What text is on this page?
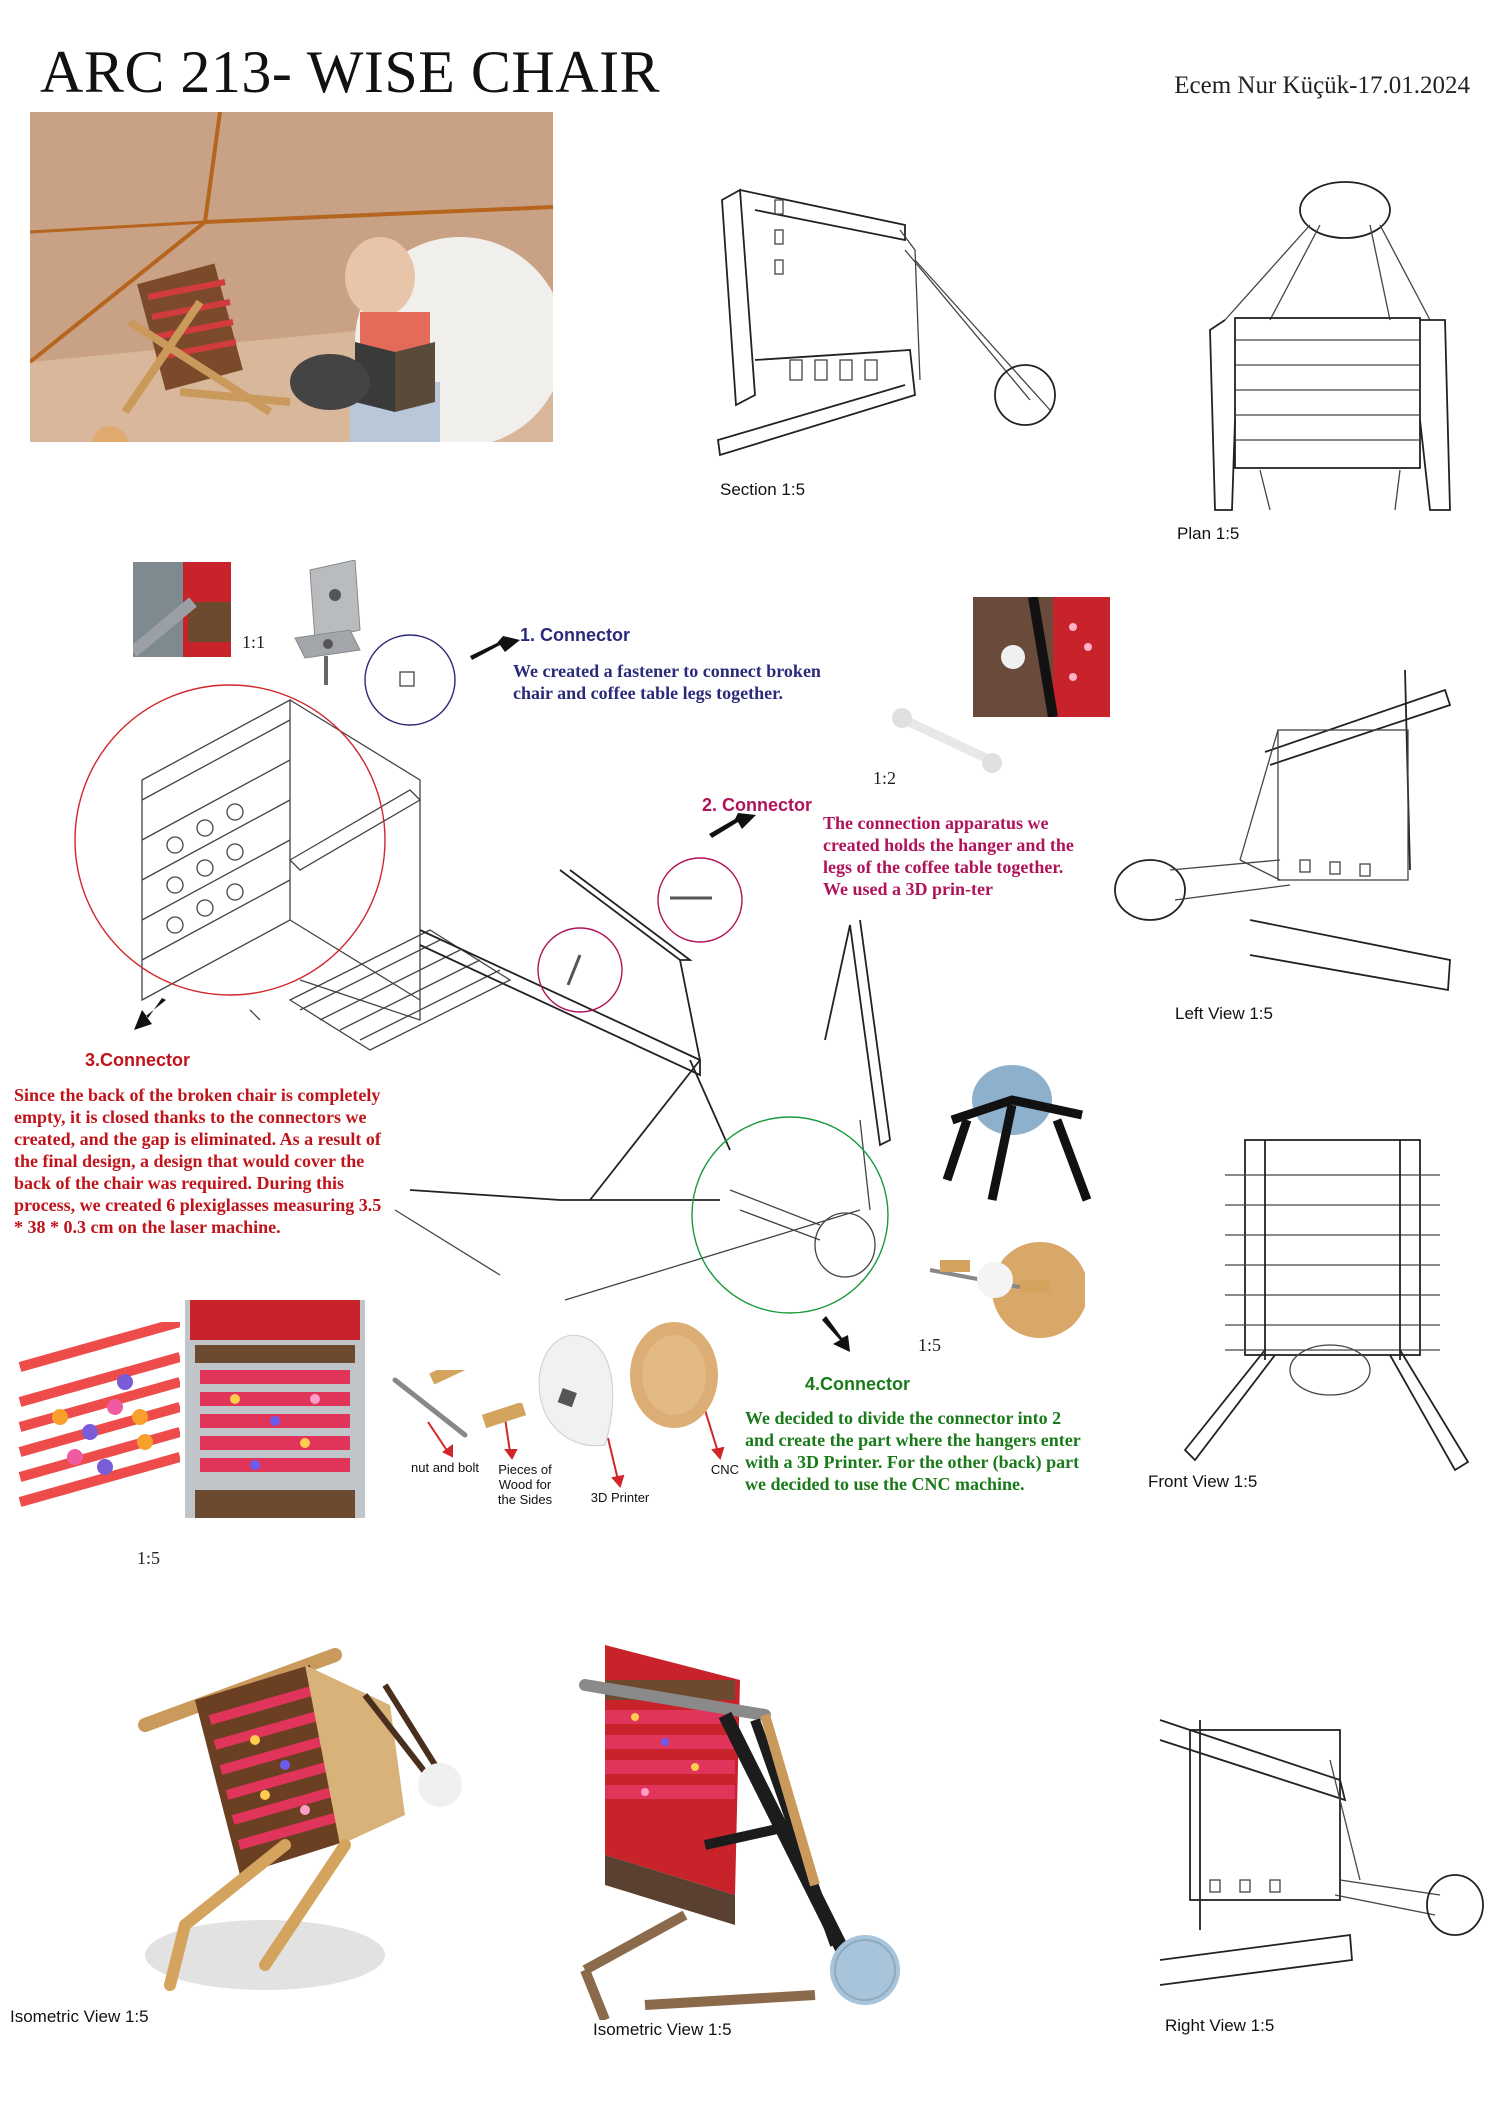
ARC 213- WISE CHAIR	Ecem Nur Küçük-17.01.2024
Section 1:5
Plan 1:5
Left View 1:5
Front View 1:5
Right View 1:5
Isometric View 1:5
Isometric View 1:5
1:1	1. Connector
We created a fastener to connect broken chair and coffee table legs together.
1:2
2. Connector
The connection apparatus we created holds the hanger and the legs of the coffee table together. We used a 3D prin-ter
3.Connector
Since the back of the broken chair is completely empty, it is closed thanks to the connectors we created, and the gap is eliminated. As a result of the final design, a design that would cover the back of the chair was required. During this process, we created 6 plexiglasses measuring 3.5 * 38 * 0.3 cm on the laser machine.
1:5
4.Connector
We decided to divide the connector into 2 and create the part where the hangers enter with a 3D Printer. For the other (back) part we decided to use the CNC machine.
1:5
nut and bolt	Pieces of Wood for the Sides	3D Printer
CNC
